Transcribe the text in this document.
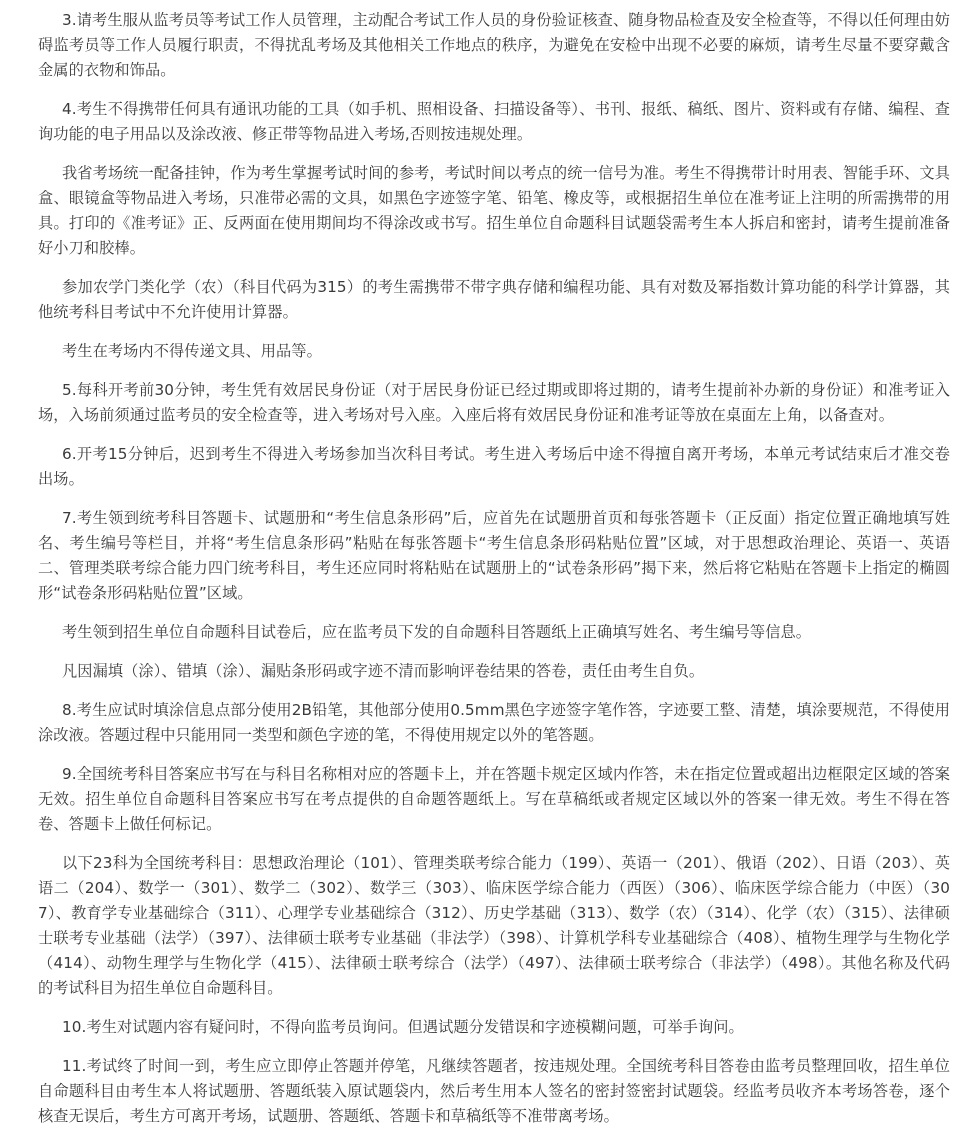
3.请考生服从监考员等考试工作人员管理，主动配合考试工作人员的身份验证核查、随身物品检查及安全检查等，不得以任何理由妨碍监考员等工作人员履行职责，不得扰乱考场及其他相关工作地点的秩序，为避免在安检中出现不必要的麻烦，请考生尽量不要穿戴含金属的衣物和饰品。

4.考生不得携带任何具有通讯功能的工具（如手机、照相设备、扫描设备等）、书刊、报纸、稿纸、图片、资料或有存储、编程、查询功能的电子用品以及涂改液、修正带等物品进入考场,否则按违规处理。

我省考场统一配备挂钟，作为考生掌握考试时间的参考，考试时间以考点的统一信号为准。考生不得携带计时用表、智能手环、文具盒、眼镜盒等物品进入考场，只准带必需的文具，如黑色字迹签字笔、铅笔、橡皮等，或根据招生单位在准考证上注明的所需携带的用具。打印的《准考证》正、反两面在使用期间均不得涂改或书写。招生单位自命题科目试题袋需考生本人拆启和密封，请考生提前准备好小刀和胶棒。

参加农学门类化学（农）（科目代码为315）的考生需携带不带字典存储和编程功能、具有对数及幂指数计算功能的科学计算器，其他统考科目考试中不允许使用计算器。

考生在考场内不得传递文具、用品等。

5.每科开考前30分钟，考生凭有效居民身份证（对于居民身份证已经过期或即将过期的，请考生提前补办新的身份证）和准考证入场，入场前须通过监考员的安全检查等，进入考场对号入座。入座后将有效居民身份证和准考证等放在桌面左上角，以备查对。

6.开考15分钟后，迟到考生不得进入考场参加当次科目考试。考生进入考场后中途不得擅自离开考场，本单元考试结束后才准交卷出场。

7.考生领到统考科目答题卡、试题册和“考生信息条形码”后，应首先在试题册首页和每张答题卡（正反面）指定位置正确地填写姓名、考生编号等栏目，并将“考生信息条形码”粘贴在每张答题卡“考生信息条形码粘贴位置”区域，对于思想政治理论、英语一、英语二、管理类联考综合能力四门统考科目，考生还应同时将粘贴在试题册上的“试卷条形码”揭下来，然后将它粘贴在答题卡上指定的椭圆形“试卷条形码粘贴位置”区域。

考生领到招生单位自命题科目试卷后，应在监考员下发的自命题科目答题纸上正确填写姓名、考生编号等信息。

凡因漏填（涂）、错填（涂）、漏贴条形码或字迹不清而影响评卷结果的答卷，责任由考生自负。

8.考生应试时填涂信息点部分使用2B铅笔，其他部分使用0.5mm黑色字迹签字笔作答，字迹要工整、清楚，填涂要规范，不得使用涂改液。答题过程中只能用同一类型和颜色字迹的笔，不得使用规定以外的笔答题。

9.全国统考科目答案应书写在与科目名称相对应的答题卡上，并在答题卡规定区域内作答，未在指定位置或超出边框限定区域的答案无效。招生单位自命题科目答案应书写在考点提供的自命题答题纸上。写在草稿纸或者规定区域以外的答案一律无效。考生不得在答卷、答题卡上做任何标记。

以下23科为全国统考科目：思想政治理论（101）、管理类联考综合能力（199）、英语一（201）、俄语（202）、日语（203）、英语二（204）、数学一（301）、数学二（302）、数学三（303）、临床医学综合能力（西医）（306）、临床医学综合能力（中医）（307）、教育学专业基础综合（311）、心理学专业基础综合（312）、历史学基础（313）、数学（农）（314）、化学（农）（315）、法律硕士联考专业基础（法学）（397）、法律硕士联考专业基础（非法学）（398）、计算机学科专业基础综合（408）、植物生理学与生物化学（414）、动物生理学与生物化学（415）、法律硕士联考综合（法学）（497）、法律硕士联考综合（非法学）（498）。其他名称及代码的考试科目为招生单位自命题科目。

10.考生对试题内容有疑问时，不得向监考员询问。但遇试题分发错误和字迹模糊问题，可举手询问。

11.考试终了时间一到，考生应立即停止答题并停笔，凡继续答题者，按违规处理。全国统考科目答卷由监考员整理回收，招生单位自命题科目由考生本人将试题册、答题纸装入原试题袋内，然后考生用本人签名的密封签密封试题袋。经监考员收齐本考场答卷，逐个核查无误后，考生方可离开考场，试题册、答题纸、答题卡和草稿纸等不准带离考场。
